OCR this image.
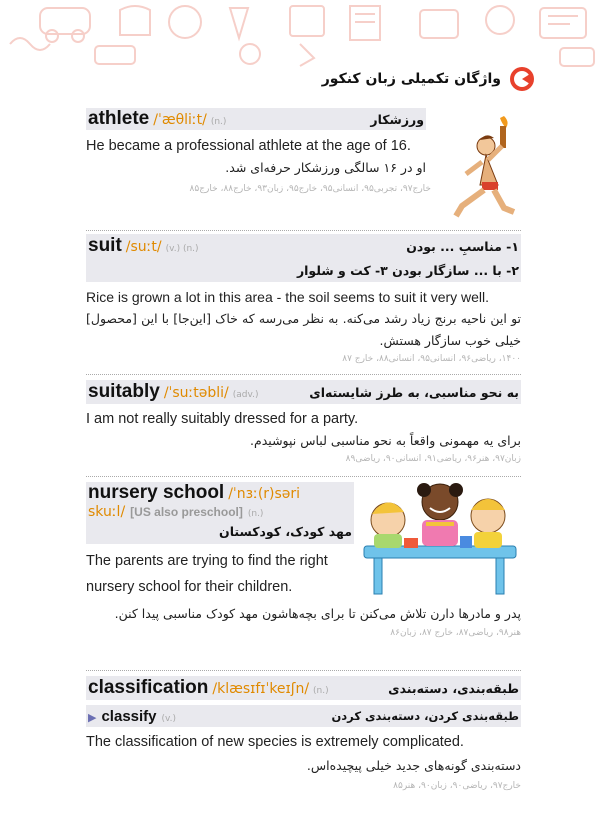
واژگان تکمیلی زبان کنکور
athlete /ˈæθliːt/ (n.)	ورزشکار
He became a professional athlete at the age of 16.
او در ۱۶ سالگی ورزشکار حرفه‌ای شد.
خارج۹۷، تجربی۹۵، انسانی۹۵، خارج۹۵، زبان۹۳، خارج۸۸، خارج۸۵
suit /suːt/ (v.) (n.)	۱- مناسبِ ... بودن
۲- با ... سازگار بودن ۳- کت و شلوار
Rice is grown a lot in this area - the soil seems to suit it very well.
تو این ناحیه برنج زیاد رشد می‌کنه. به نظر می‌رسه که خاک [این‌جا] با این [محصول] خیلی خوب سازگار هستش.
۱۴۰۰، ریاضی۹۶، انسانی۹۵، انسانی۸۸، خارج ۸۷
suitably /ˈsuːtəbli/ (adv.)	به نحو مناسبی، به طرز شایسته‌ای
I am not really suitably dressed for a party.
برای یه مهمونی واقعاً به نحو مناسبی لباس نپوشیدم.
زبان۹۷، هنر۹۶، ریاضی۹۱، انسانی۹۰، ریاضی۸۹
nursery school /ˈnɜː(r)səri
skuːl/ [US also preschool] (n.)
مهد کودک، کودکستان
The parents are trying to find the right nursery school for their children.
پدر و مادرها دارن تلاش می‌کنن تا برای بچه‌هاشون مهد کودک مناسبی پیدا کنن.
هنر۹۸، ریاضی۸۷، خارج ۸۷، زبان۸۶
classification /klæsɪfɪˈkeɪʃn/ (n.)	طبقه‌بندی، دسته‌بندی
▶ classify (v.)	طبقه‌بندی کردن، دسته‌بندی کردن
The classification of new species is extremely complicated.
دسته‌بندی گونه‌های جدید خیلی پیچیده‌اس.
خارج۹۷، ریاضی۹۰، زبان۹۰، هنر۸۵
